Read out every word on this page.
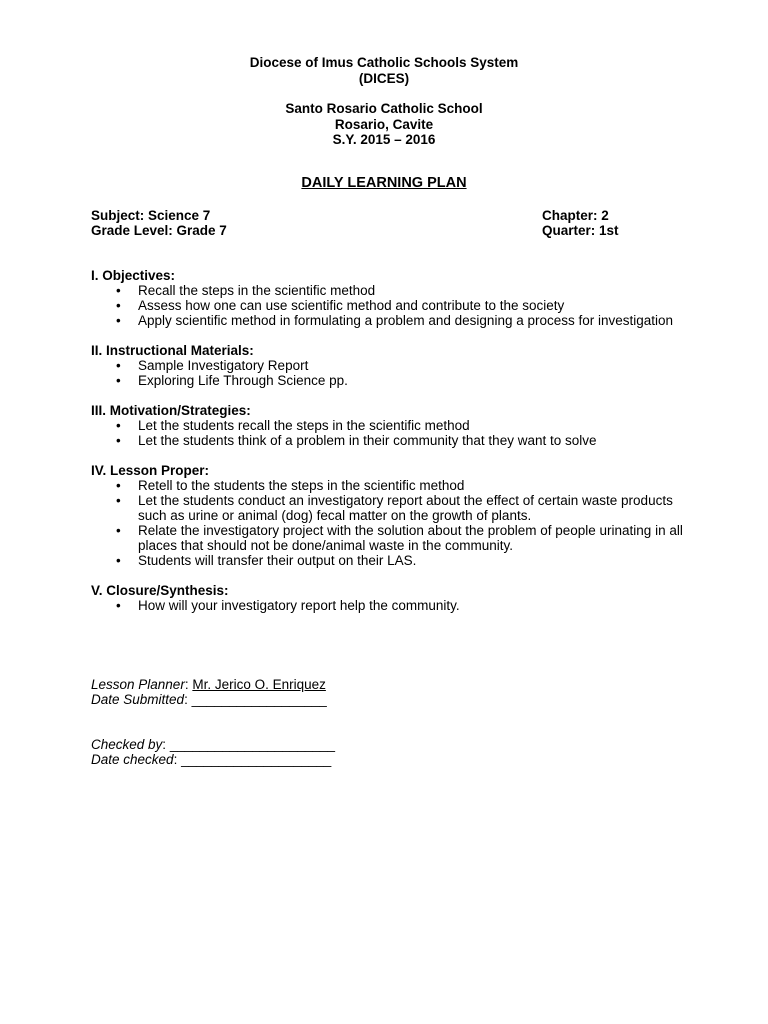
Diocese of Imus Catholic Schools System
(DICES)
Santo Rosario Catholic School
Rosario, Cavite
S.Y. 2015 – 2016
DAILY LEARNING PLAN
Subject: Science 7	Chapter: 2
Grade Level: Grade 7	Quarter: 1st
I. Objectives:
• Recall the steps in the scientific method
• Assess how one can use scientific method and contribute to the society
• Apply scientific method in formulating a problem and designing a process for investigation
II. Instructional Materials:
• Sample Investigatory Report
• Exploring Life Through Science pp.
III. Motivation/Strategies:
• Let the students recall the steps in the scientific method
• Let the students think of a problem in their community that they want to solve
IV. Lesson Proper:
• Retell to the students the steps in the scientific method
• Let the students conduct an investigatory report about the effect of certain waste products such as urine or animal (dog) fecal matter on the growth of plants.
• Relate the investigatory project with the solution about the problem of people urinating in all places that should not be done/animal waste in the community.
• Students will transfer their output on their LAS.
V. Closure/Synthesis:
• How will your investigatory report help the community.
Lesson Planner: Mr. Jerico O. Enriquez
Date Submitted: __________________
Checked by: ______________________
Date checked: ____________________
